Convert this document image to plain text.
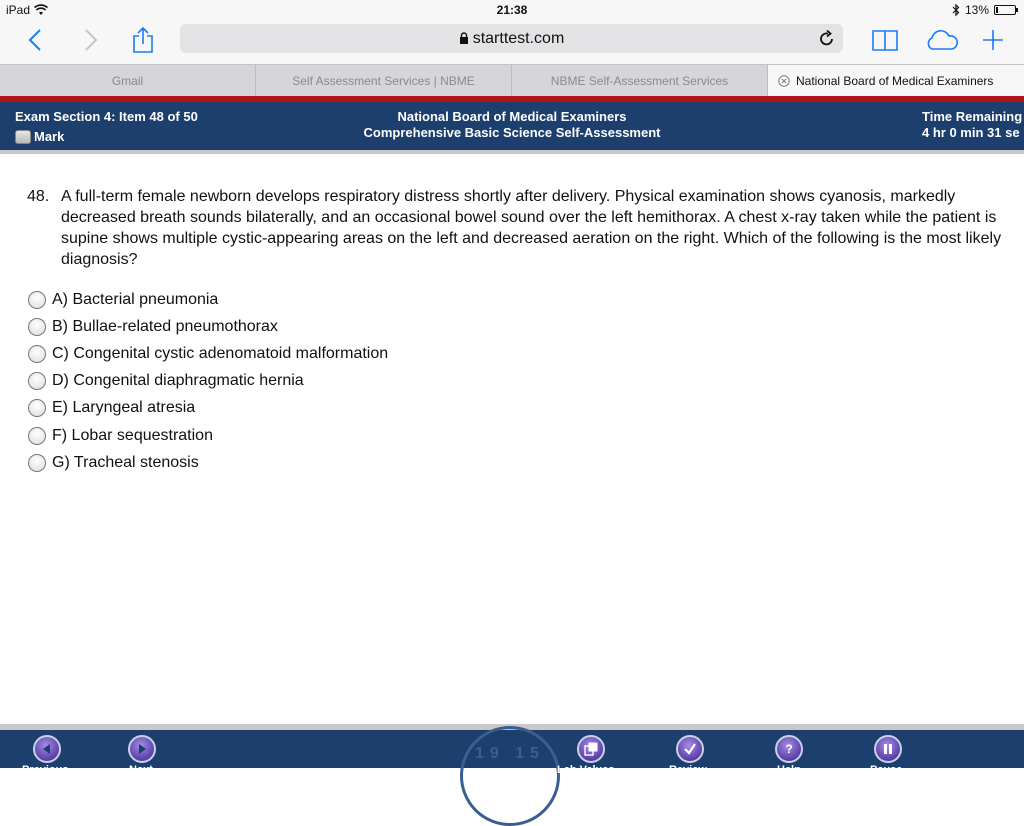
iPad	21:38	13%
starttest.com
Gmail	Self Assessment Services | NBME	NBME Self-Assessment Services	National Board of Medical Examiners
Exam Section 4: Item 48 of 50
Mark
National Board of Medical Examiners
Comprehensive Basic Science Self-Assessment
Time Remaining
4 hr 0 min 31 se
48. A full-term female newborn develops respiratory distress shortly after delivery. Physical examination shows cyanosis, markedly decreased breath sounds bilaterally, and an occasional bowel sound over the left hemithorax. A chest x-ray taken while the patient is supine shows multiple cystic-appearing areas on the left and decreased aeration on the right. Which of the following is the most likely diagnosis?
A) Bacterial pneumonia
B) Bullae-related pneumothorax
C) Congenital cystic adenomatoid malformation
D) Congenital diaphragmatic hernia
E) Laryngeal atresia
F) Lobar sequestration
G) Tracheal stenosis
19 15
Previous	Next	Lab Values	Review
?
Help	Pause
